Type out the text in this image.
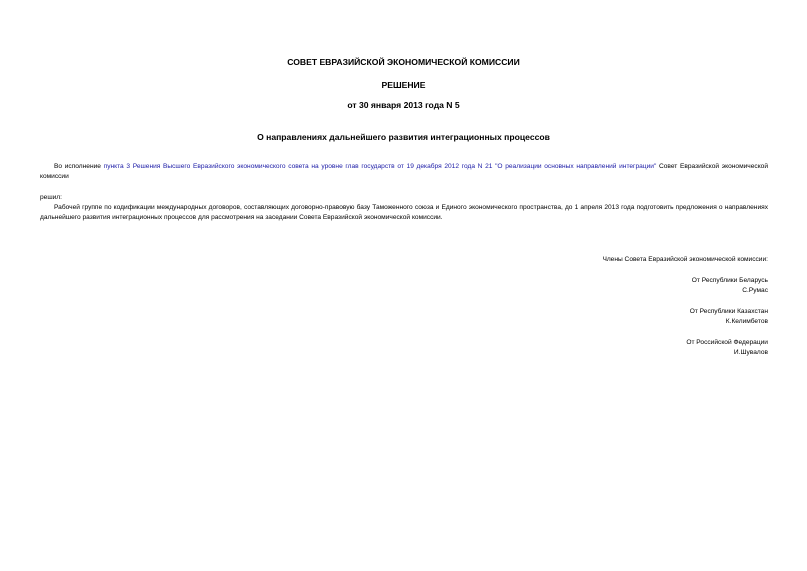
СОВЕТ ЕВРАЗИЙСКОЙ ЭКОНОМИЧЕСКОЙ КОМИССИИ
РЕШЕНИЕ
от 30 января 2013 года N 5
О направлениях дальнейшего развития интеграционных процессов
Во исполнение пункта 3 Решения Высшего Евразийского экономического совета на уровне глав государств от 19 декабря 2012 года N 21 "О реализации основных направлений интеграции" Совет Евразийской экономической комиссии
решил:
Рабочей группе по кодификации международных договоров, составляющих договорно-правовую базу Таможенного союза и Единого экономического пространства, до 1 апреля 2013 года подготовить предложения о направлениях дальнейшего развития интеграционных процессов для рассмотрения на заседании Совета Евразийской экономической комиссии.
Члены Совета Евразийской экономической комиссии:
От Республики Беларусь
С.Румас
От Республики Казахстан
К.Келимбетов
От Российской Федерации
И.Шувалов
